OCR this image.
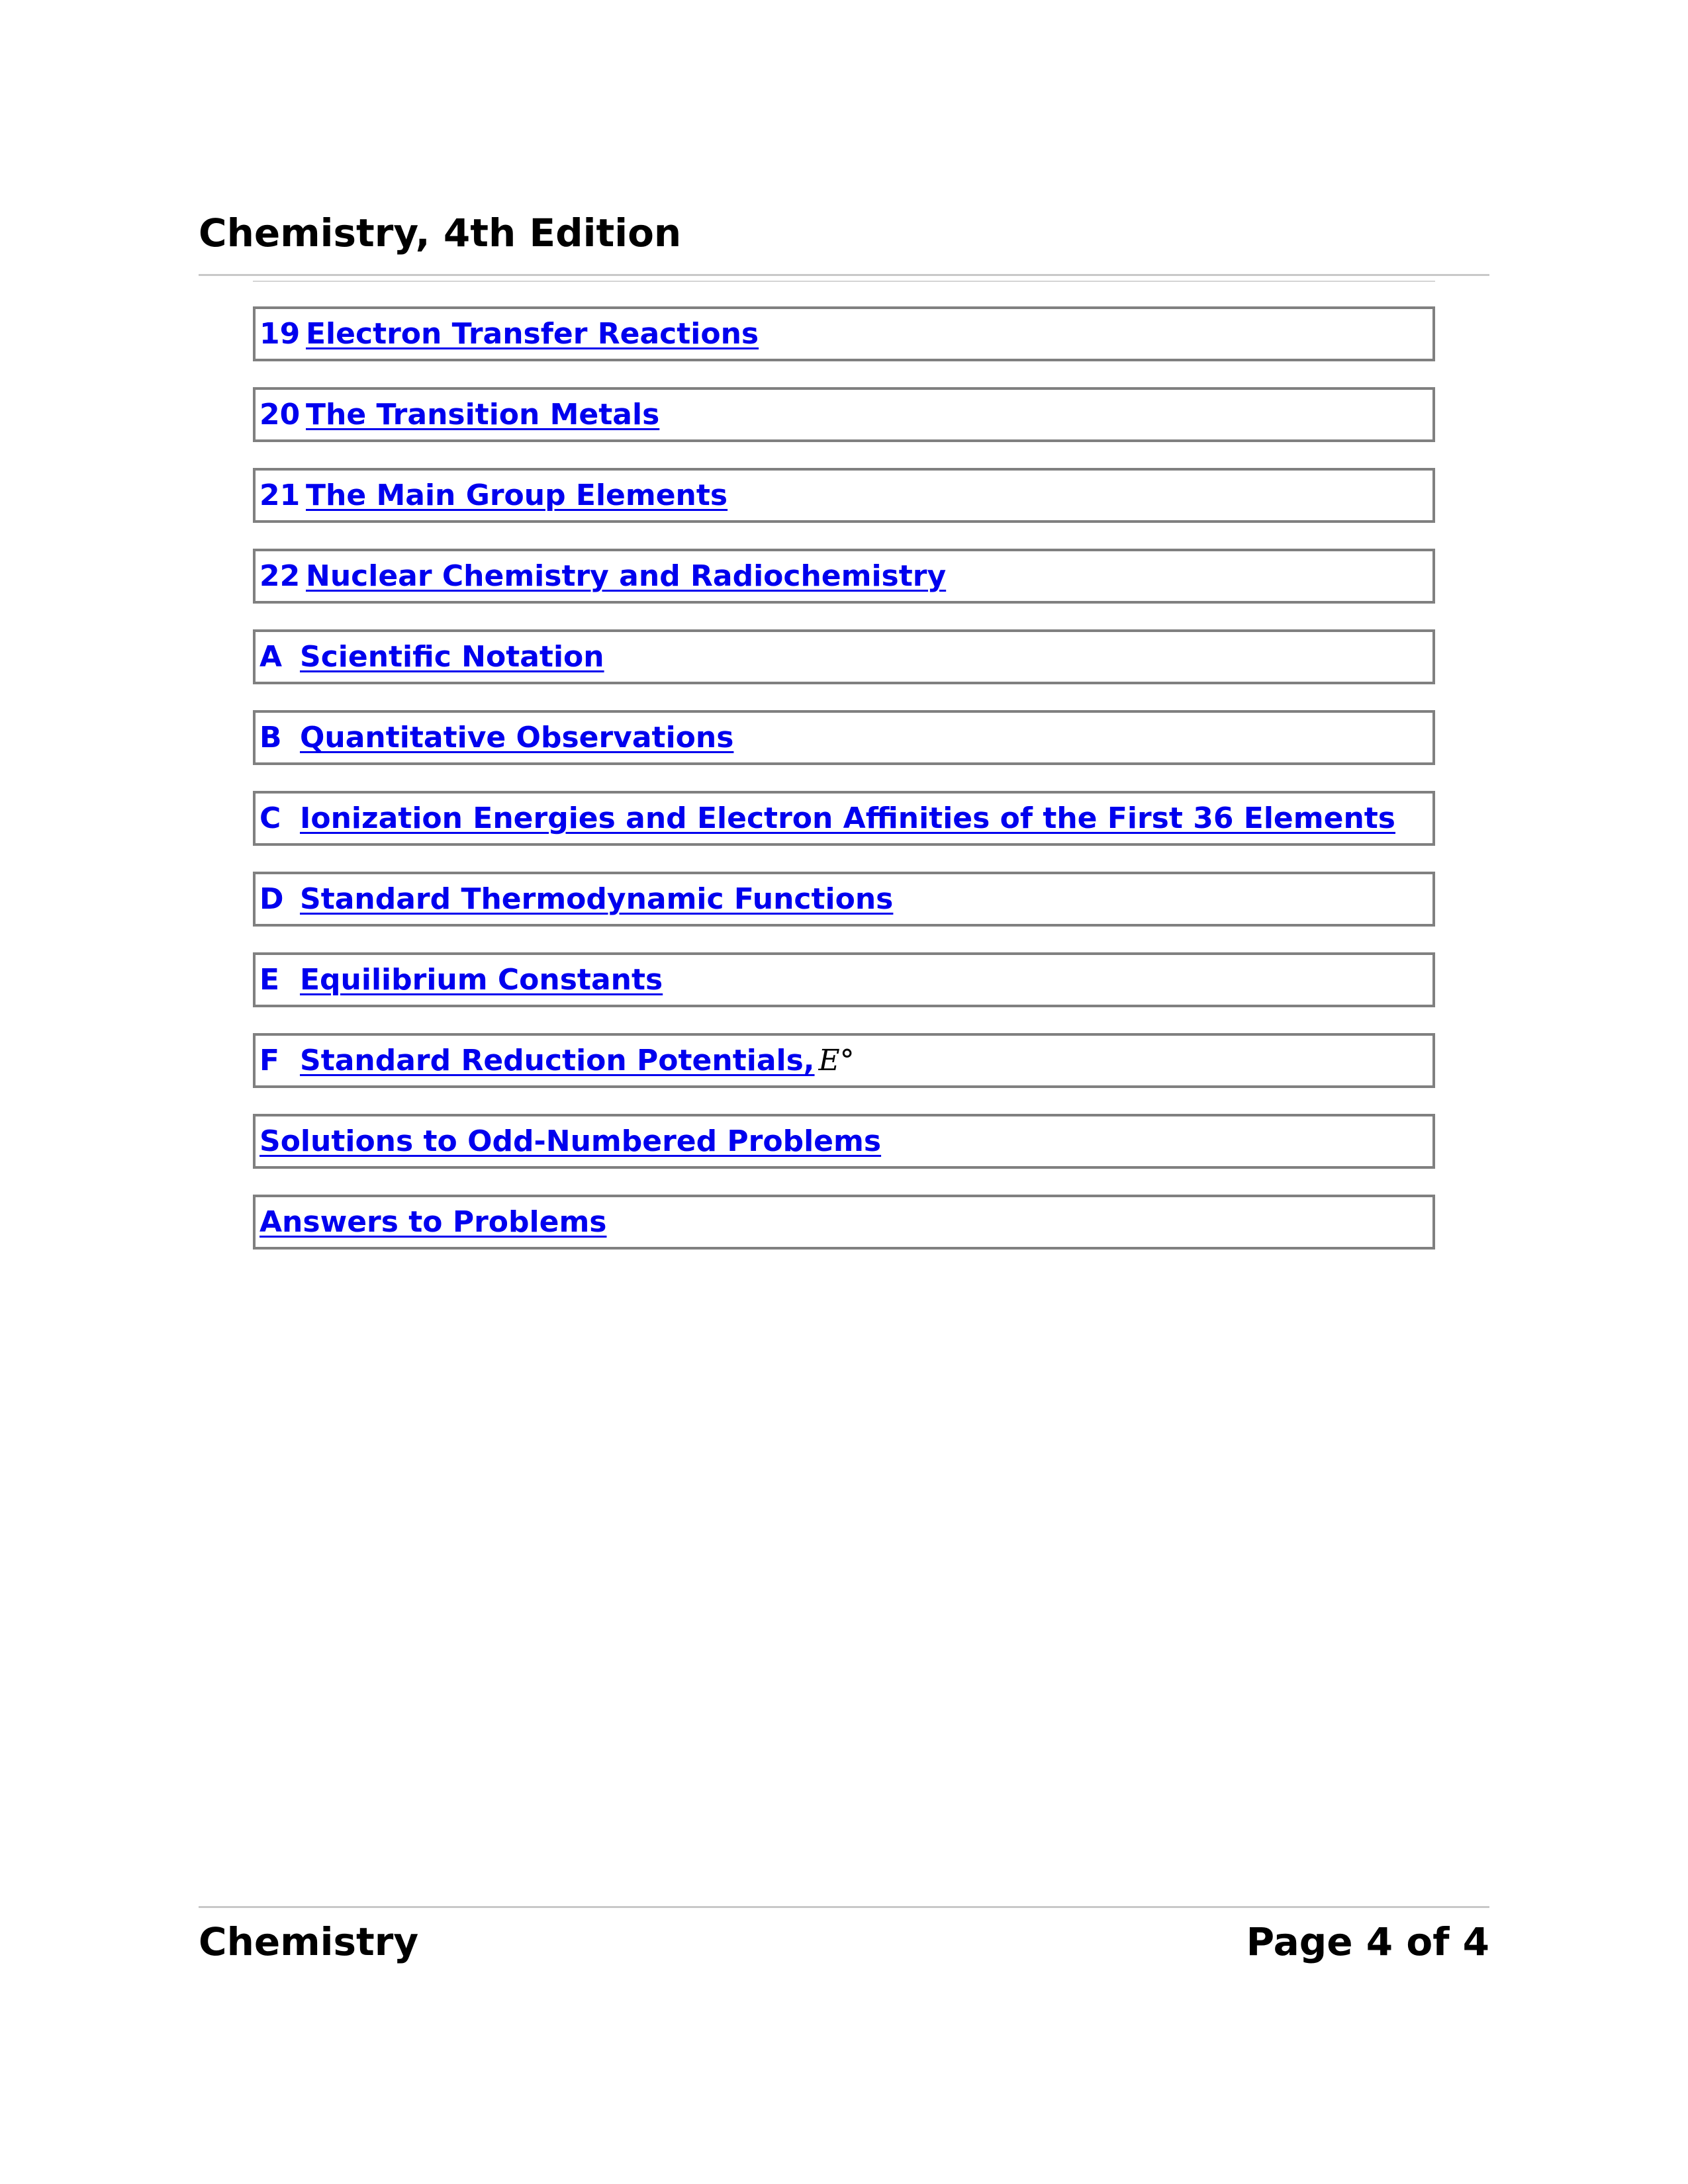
Chemistry, 4th Edition
19 Electron Transfer Reactions
20 The Transition Metals
21 The Main Group Elements
22 Nuclear Chemistry and Radiochemistry
A Scientific Notation
B Quantitative Observations
C Ionization Energies and Electron Affinities of the First 36 Elements
D Standard Thermodynamic Functions
E Equilibrium Constants
F Standard Reduction Potentials, E°
Solutions to Odd-Numbered Problems
Answers to Problems
Chemistry	Page 4 of 4
